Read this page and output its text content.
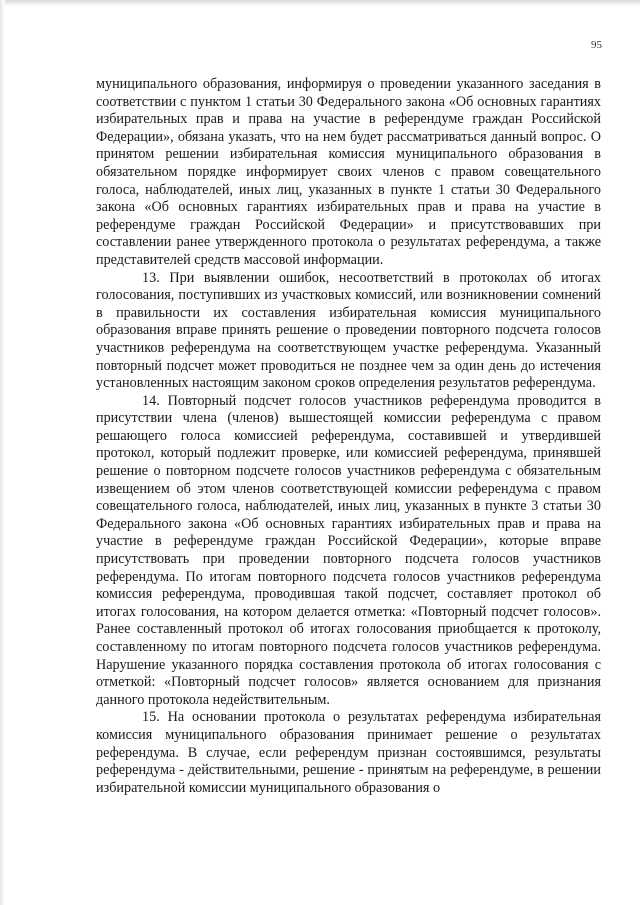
95

муниципального образования, информируя о проведении указанного заседания в соответствии с пунктом 1 статьи 30 Федерального закона «Об основных гарантиях избирательных прав и права на участие в референдуме граждан Российской Федерации», обязана указать, что на нем будет рассматриваться данный вопрос. О принятом решении избирательная комиссия муниципального образования в обязательном порядке информирует своих членов с правом совещательного голоса, наблюдателей, иных лиц, указанных в пункте 1 статьи 30 Федерального закона «Об основных гарантиях избирательных прав и права на участие в референдуме граждан Российской Федерации» и присутствовавших при составлении ранее утвержденного протокола о результатах референдума, а также представителей средств массовой информации.

13. При выявлении ошибок, несоответствий в протоколах об итогах голосования, поступивших из участковых комиссий, или возникновении сомнений в правильности их составления избирательная комиссия муниципального образования вправе принять решение о проведении повторного подсчета голосов участников референдума на соответствующем участке референдума. Указанный повторный подсчет может проводиться не позднее чем за один день до истечения установленных настоящим законом сроков определения результатов референдума.

14. Повторный подсчет голосов участников референдума проводится в присутствии члена (членов) вышестоящей комиссии референдума с правом решающего голоса комиссией референдума, составившей и утвердившей протокол, который подлежит проверке, или комиссией референдума, принявшей решение о повторном подсчете голосов участников референдума с обязательным извещением об этом членов соответствующей комиссии референдума с правом совещательного голоса, наблюдателей, иных лиц, указанных в пункте 3 статьи 30 Федерального закона «Об основных гарантиях избирательных прав и права на участие в референдуме граждан Российской Федерации», которые вправе присутствовать при проведении повторного подсчета голосов участников референдума. По итогам повторного подсчета голосов участников референдума комиссия референдума, проводившая такой подсчет, составляет протокол об итогах голосования, на котором делается отметка: «Повторный подсчет голосов». Ранее составленный протокол об итогах голосования приобщается к протоколу, составленному по итогам повторного подсчета голосов участников референдума. Нарушение указанного порядка составления протокола об итогах голосования с отметкой: «Повторный подсчет голосов» является основанием для признания данного протокола недействительным.

15. На основании протокола о результатах референдума избирательная комиссия муниципального образования принимает решение о результатах референдума. В случае, если референдум признан состоявшимся, результаты референдума - действительными, решение - принятым на референдуме, в решении избирательной комиссии муниципального образования о
